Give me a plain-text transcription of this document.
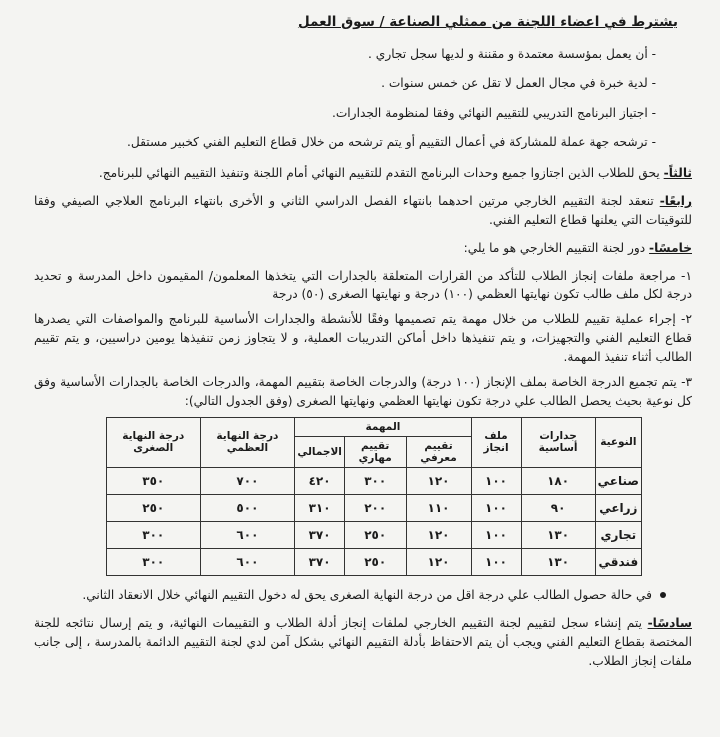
يشترط في اعضاء اللجنة من ممثلي الصناعة / سوق العمل
- أن يعمل بمؤسسة معتمدة و مقننة و لديها سجل تجاري .
- لدية خبرة في مجال العمل لا تقل عن خمس سنوات .
- اجتياز البرنامج التدريبي للتقييم النهائي وفقا لمنظومة الجدارات.
- ترشحه جهة عملة للمشاركة في أعمال التقييم أو يتم ترشحه من خلال قطاع التعليم الفني كخبير مستقل.

ثالثاً- يحق للطلاب الذين اجتازوا جميع وحدات البرنامج التقدم للتقييم النهائي أمام اللجنة وتنفيذ التقييم النهائي للبرنامج.

رابعًا- تنعقد لجنة التقييم الخارجي مرتين احدهما بانتهاء الفصل الدراسي الثاني و الأخرى بانتهاء البرنامج العلاجي الصيفي وفقا للتوقيتات التي يعلنها قطاع التعليم الفني.

خامسًا- دور لجنة التقييم الخارجي هو ما يلي:

١- مراجعة ملفات إنجاز الطلاب للتأكد من القرارات المتعلقة بالجدارات التي يتخذها المعلمون/ المقيمون داخل المدرسة و تحديد درجة لكل ملف طالب تكون نهايتها العظمي (١٠٠) درجة و نهايتها الصغرى (٥٠) درجة

٢- إجراء عملية تقييم للطلاب من خلال مهمة يتم تصميمها وفقًا للأنشطة والجدارات الأساسية للبرنامج والمواصفات التي يصدرها قطاع التعليم الفني والتجهيزات، و يتم تنفيذها داخل أماكن التدريبات العملية، و لا يتجاوز زمن تنفيذها يومين دراسيين، و يتم تقييم الطالب أثناء تنفيذ المهمة.

٣- يتم تجميع الدرجة الخاصة بملف الإنجاز (١٠٠ درجة) والدرجات الخاصة بتقييم المهمة، والدرجات الخاصة بالجدارات الأساسية وفق كل نوعية بحيث يحصل الطالب علي درجة تكون نهايتها العظمي ونهايتها الصغرى (وفق الجدول التالي):

النوعية	جدارات أساسية	ملف انجاز	المهمة			درجة النهاية العظمي	درجة النهاية الصغرى
			تقييم معرفي	تقييم مهاري	الاجمالي		
صناعي	١٨٠	١٠٠	١٢٠	٣٠٠	٤٢٠	٧٠٠	٣٥٠
زراعي	٩٠	١٠٠	١١٠	٢٠٠	٣١٠	٥٠٠	٢٥٠
تجاري	١٣٠	١٠٠	١٢٠	٢٥٠	٣٧٠	٦٠٠	٣٠٠
فندقي	١٣٠	١٠٠	١٢٠	٢٥٠	٣٧٠	٦٠٠	٣٠٠

في حالة حصول الطالب علي درجة اقل من درجة النهاية الصغرى يحق له دخول التقييم النهائي خلال الانعقاد الثاني.

سادسًا- يتم إنشاء سجل لتقييم لجنة التقييم الخارجي لملفات إنجاز أدلة الطلاب و التقييمات النهائية، و يتم إرسال نتائجه للجنة المختصة بقطاع التعليم الفني ويجب أن يتم الاحتفاظ بأدلة التقييم النهائي بشكل آمن لدي لجنة التقييم الدائمة بالمدرسة ، إلى جانب ملفات إنجاز الطلاب.
